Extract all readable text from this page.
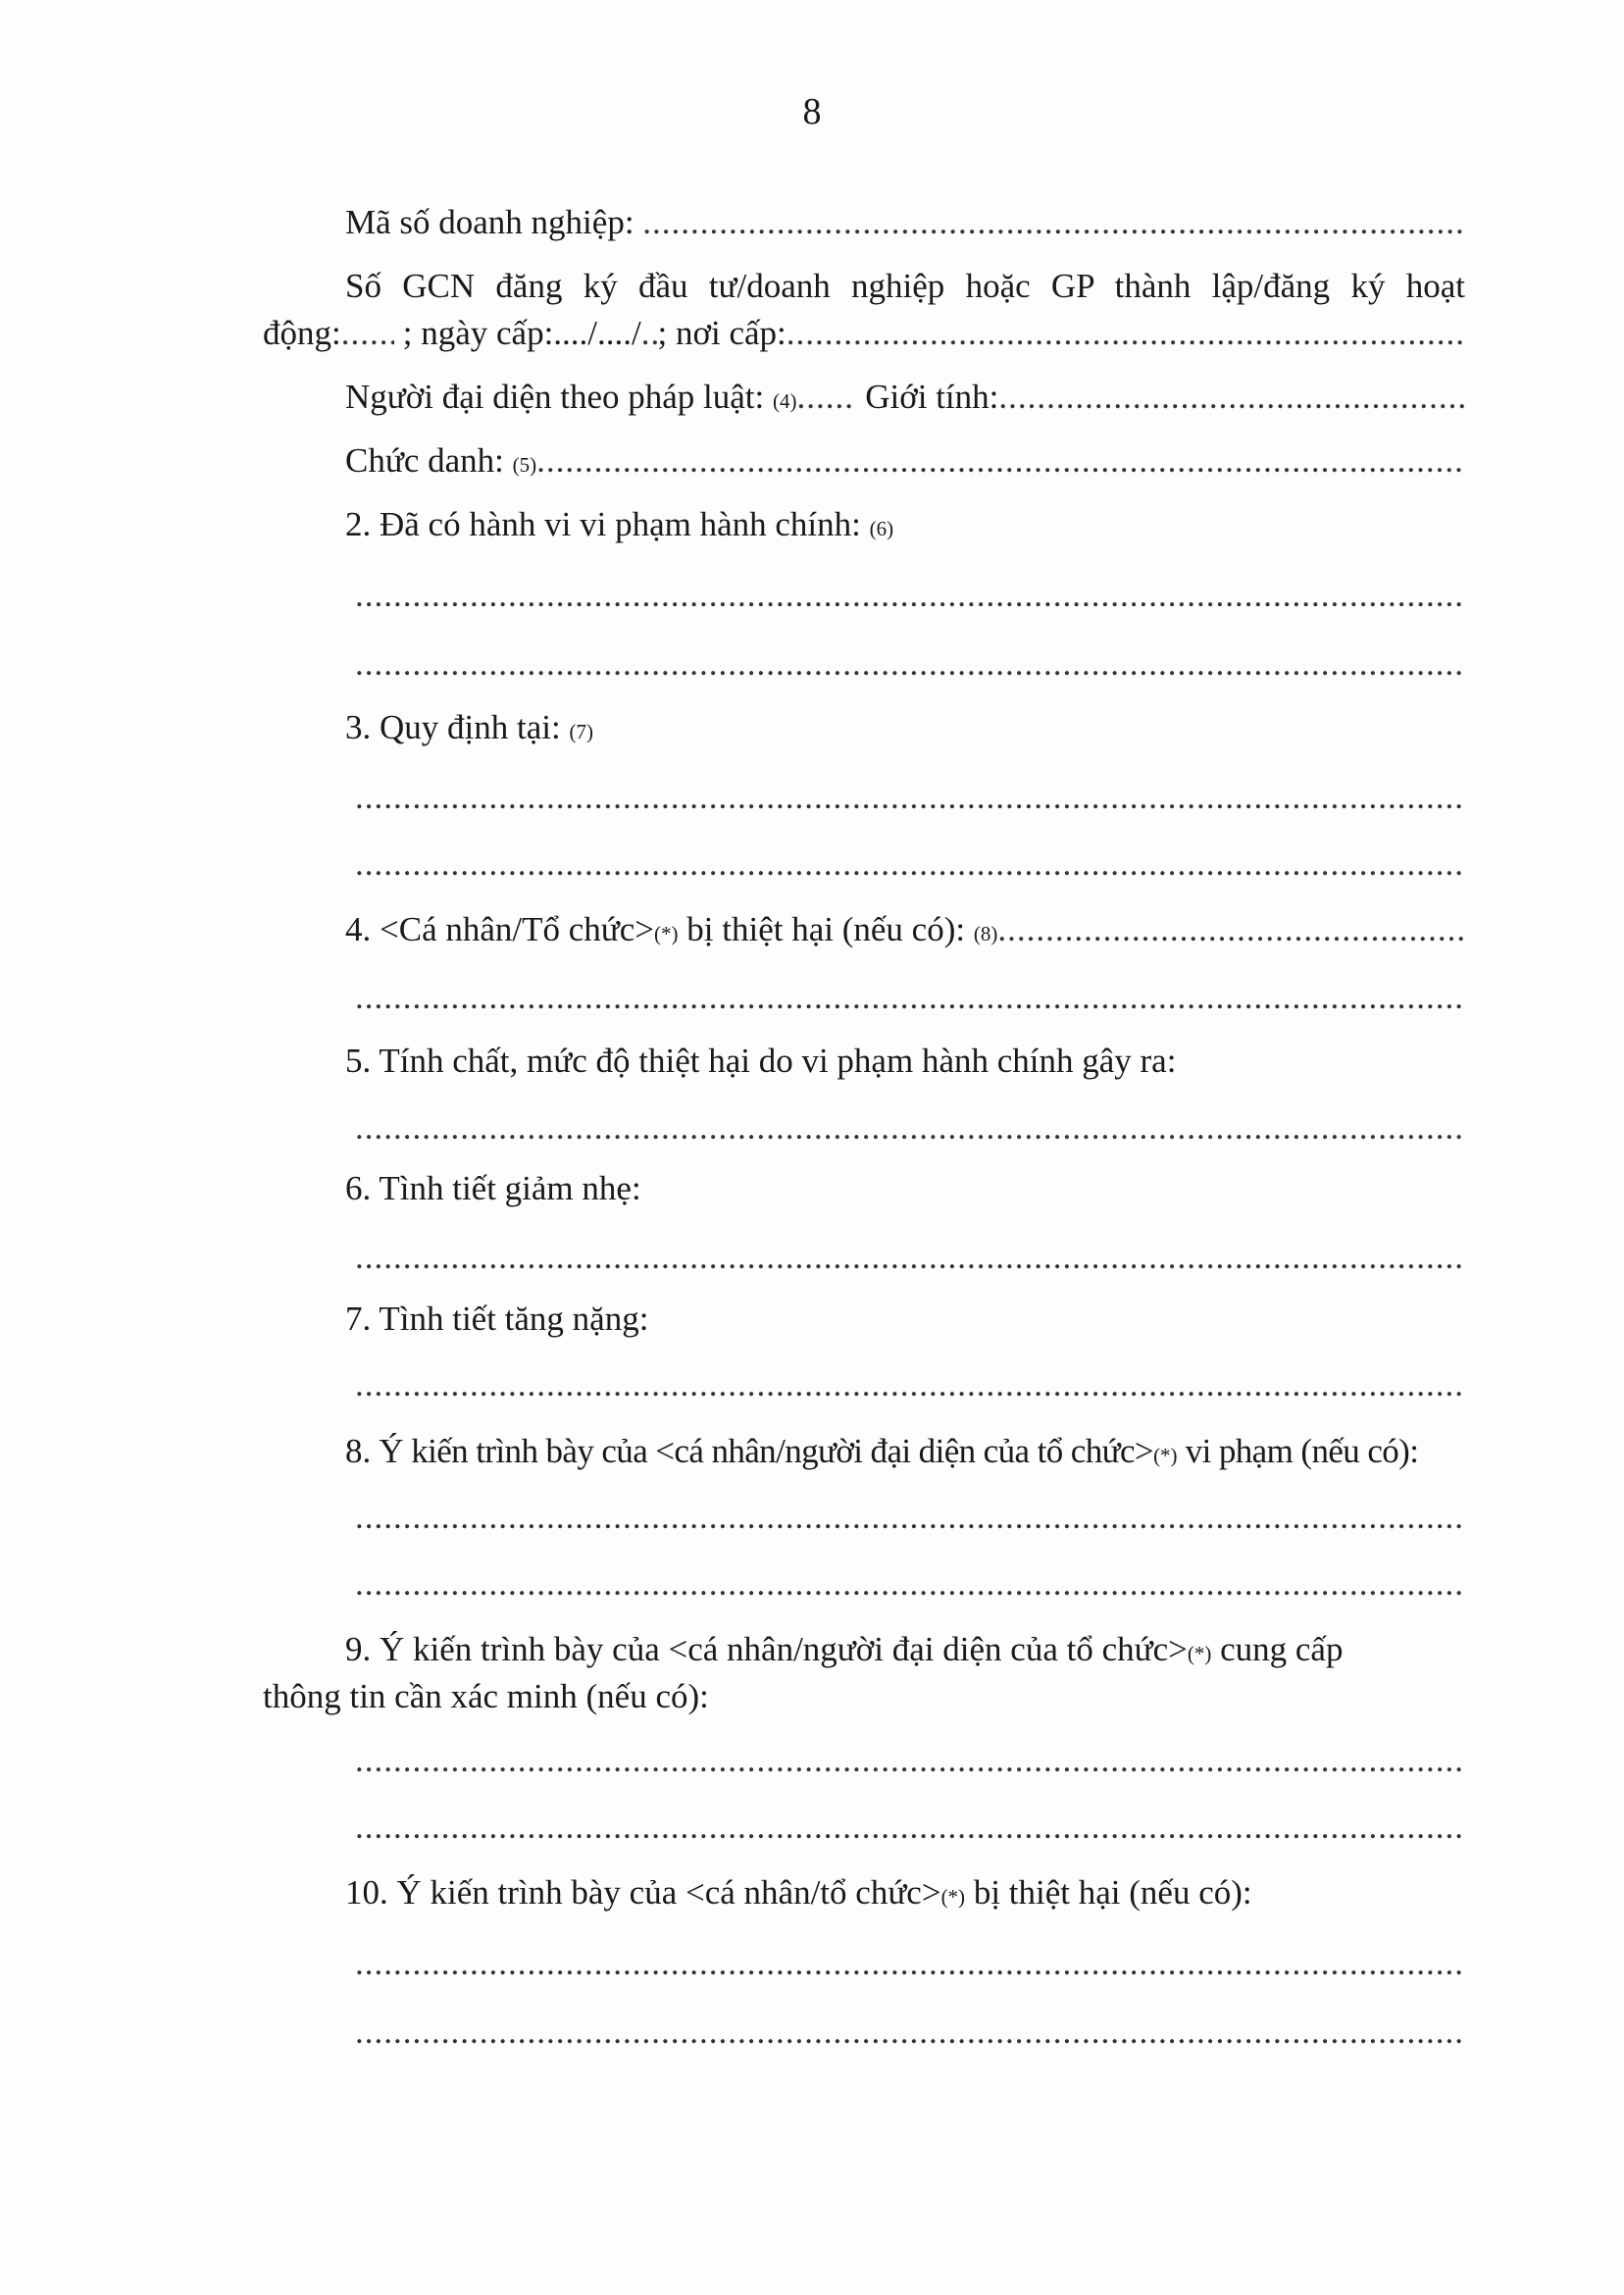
8
Mã số doanh nghiệp:
.....
Số GCN đăng ký đầu tư/doanh nghiệp hoặc GP thành lập/đăng ký hoạt
động: ..... ; ngày cấp:..../..../ ..... ; nơi cấp:
.....
Người đại diện theo pháp luật: (4) ..... Giới tính:
.....
Chức danh: (5)
.....
2. Đã có hành vi vi phạm hành chính: (6)
.....
.....
3. Quy định tại: (7)
.....
.....
4. <Cá nhân/Tổ chức> (*) bị thiệt hại (nếu có): (8)
.....
.....
5. Tính chất, mức độ thiệt hại do vi phạm hành chính gây ra:
.....
6. Tình tiết giảm nhẹ:
.....
7. Tình tiết tăng nặng:
.....
8. Ý kiến trình bày của <cá nhân/người đại diện của tổ chức> (*) vi phạm (nếu có):
.....
.....
9. Ý kiến trình bày của <cá nhân/người đại diện của tổ chức> (*) cung cấp
thông tin cần xác minh (nếu có):
.....
.....
10. Ý kiến trình bày của <cá nhân/tổ chức> (*) bị thiệt hại (nếu có):
.....
.....
